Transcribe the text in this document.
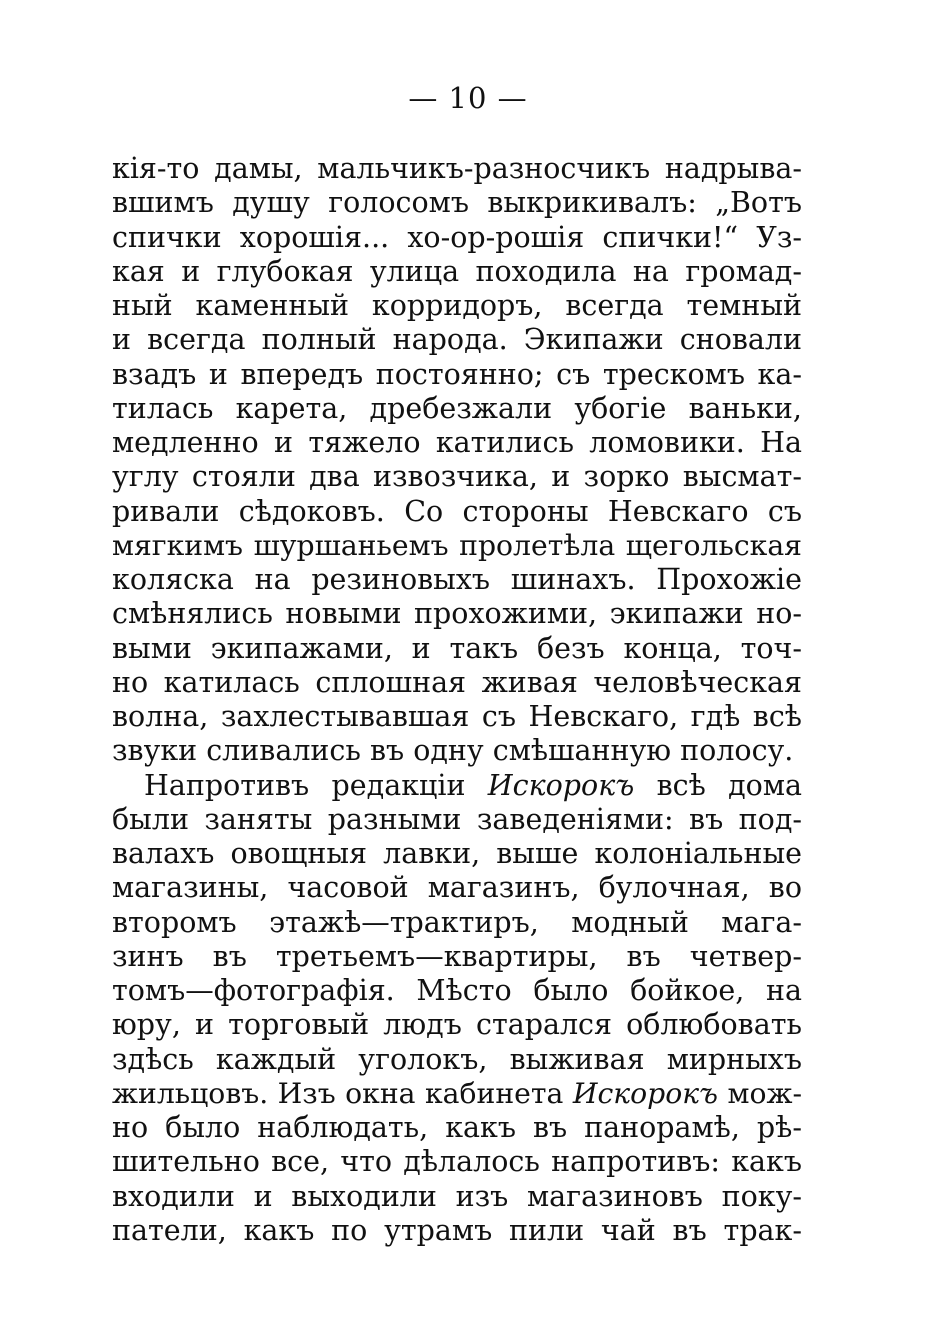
— 10 —
кія-то дамы, мальчикъ-разносчикъ надрыва-
вшимъ душу голосомъ выкрикивалъ: „Вотъ
спички хорошія... хо-ор-рошія спички!“ Уз-
кая и глубокая улица походила на громад-
ный каменный корридоръ, всегда темный
и всегда полный народа. Экипажи сновали
взадъ и впередъ постоянно; съ трескомъ ка-
тилась карета, дребезжали убогіе ваньки,
медленно и тяжело катились ломовики. На
углу стояли два извозчика, и зорко высмат-
ривали сѣдоковъ. Со стороны Невскаго съ
мягкимъ шуршаньемъ пролетѣла щегольская
коляска на резиновыхъ шинахъ. Прохожіе
смѣнялись новыми прохожими, экипажи но-
выми экипажами, и такъ безъ конца, точ-
но катилась сплошная живая человѣческая
волна, захлестывавшая съ Невскаго, гдѣ всѣ
звуки сливались въ одну смѣшанную полосу.
Напротивъ редакціи Искорокъ всѣ дома
были заняты разными заведеніями: въ под-
валахъ овощныя лавки, выше колоніальные
магазины, часовой магазинъ, булочная, во
второмъ этажѣ—трактиръ, модный мага-
зинъ въ третьемъ—квартиры, въ четвер-
томъ—фотографія. Мѣсто было бойкое, на
юру, и торговый людъ старался облюбовать
здѣсь каждый уголокъ, выживая мирныхъ
жильцовъ. Изъ окна кабинета Искорокъ мож-
но было наблюдать, какъ въ панорамѣ, рѣ-
шительно все, что дѣлалось напротивъ: какъ
входили и выходили изъ магазиновъ поку-
патели, какъ по утрамъ пили чай въ трак-
